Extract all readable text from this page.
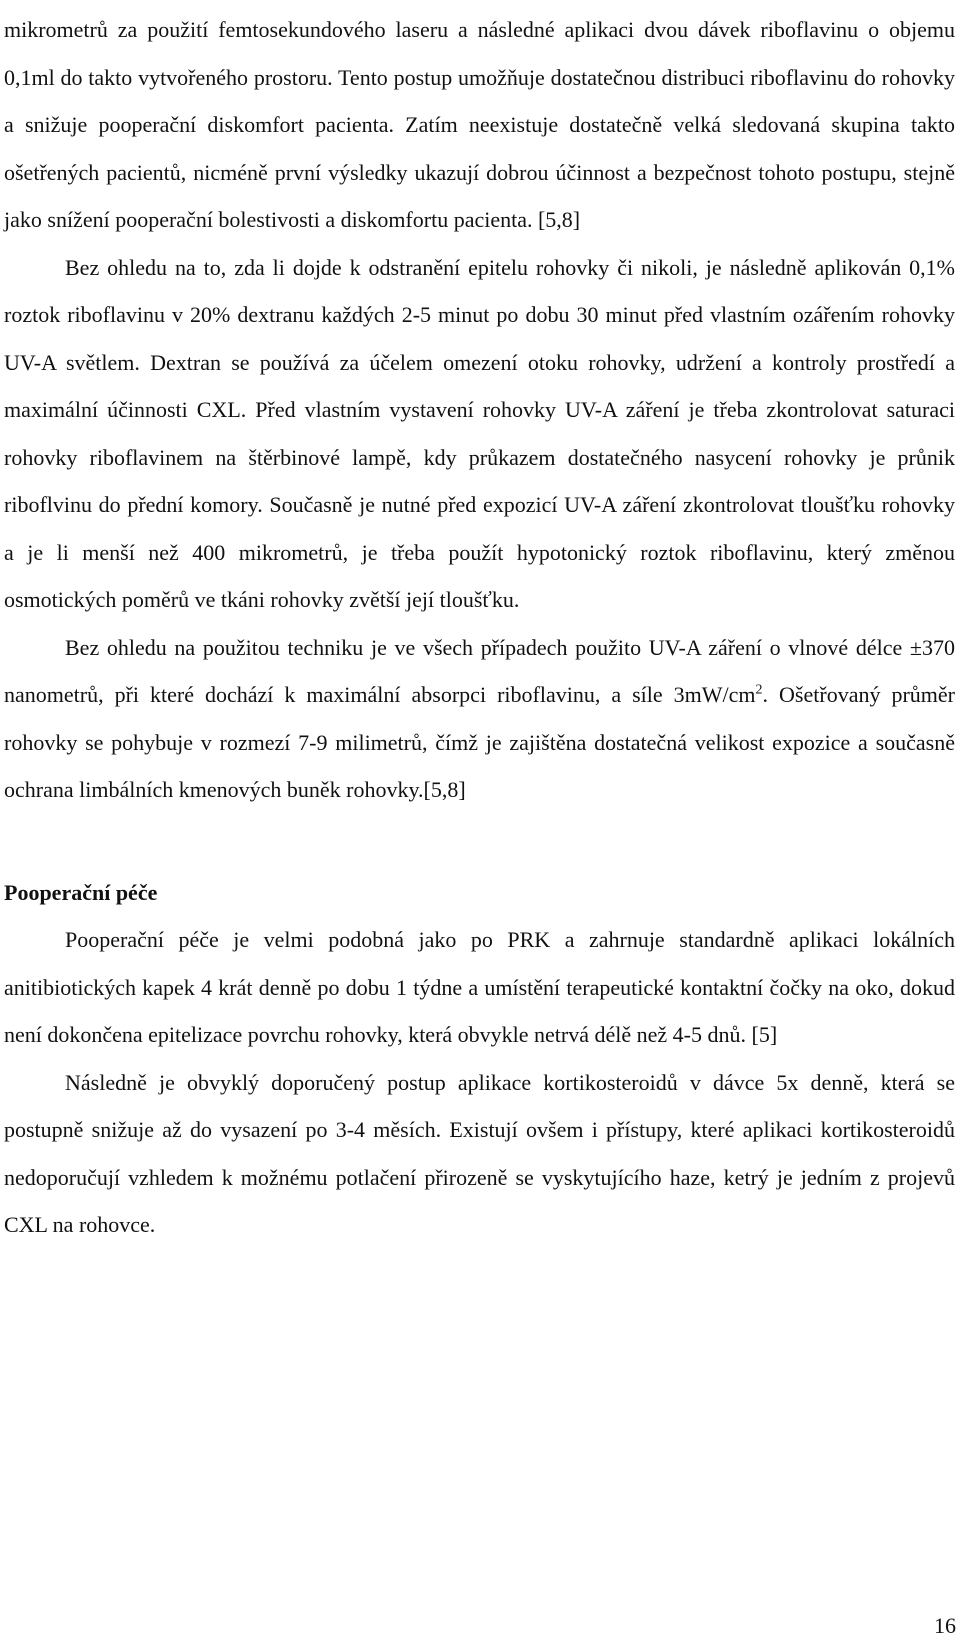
mikrometrů za použití femtosekundového laseru a následné aplikaci dvou dávek riboflavinu o objemu 0,1ml do takto vytvořeného prostoru. Tento postup umožňuje dostatečnou distribuci riboflavinu do rohovky a snižuje pooperační diskomfort pacienta. Zatím neexistuje dostatečně velká sledovaná skupina takto ošetřených pacientů, nicméně první výsledky ukazují dobrou účinnost a bezpečnost tohoto postupu, stejně jako snížení pooperační bolestivosti a diskomfortu pacienta. [5,8]

Bez ohledu na to, zda li dojde k odstranění epitelu rohovky či nikoli, je následně aplikován 0,1% roztok riboflavinu v 20% dextranu každých 2-5 minut po dobu 30 minut před vlastním ozářením rohovky UV-A světlem. Dextran se používá za účelem omezení otoku rohovky, udržení a kontroly prostředí a maximální účinnosti CXL. Před vlastním vystavení rohovky UV-A záření je třeba zkontrolovat saturaci rohovky riboflavinem na štěrbinové lampě, kdy průkazem dostatečného nasycení rohovky je průnik riboflvinu do přední komory. Současně je nutné před expozicí UV-A záření zkontrolovat tloušťku rohovky a je li menší než 400 mikrometrů, je třeba použít hypotonický roztok riboflavinu, který změnou osmotických poměrů ve tkáni rohovky zvětší její tloušťku.

Bez ohledu na použitou techniku je ve všech případech použito UV-A záření o vlnové délce ±370 nanometrů, při které dochází k maximální absorpci riboflavinu, a síle $3mW/cm^2$. Ošetřovaný průměr rohovky se pohybuje v rozmezí 7-9 milimetrů, čímž je zajištěna dostatečná velikost expozice a současně ochrana limbálních kmenových buněk rohovky.[5,8]

Pooperační péče

Pooperační péče je velmi podobná jako po PRK a zahrnuje standardně aplikaci lokálních anitibiotických kapek 4 krát denně po dobu 1 týdne a umístění terapeutické kontaktní čočky na oko, dokud není dokončena epitelizace povrchu rohovky, která obvykle netrvá délě než 4-5 dnů. [5]

Následně je obvyklý doporučený postup aplikace kortikosteroidů v dávce 5x denně, která se postupně snižuje až do vysazení po 3-4 měsích. Existují ovšem i přístupy, které aplikaci kortikosteroidů nedoporučují vzhledem k možnému potlačení přirozeně se vyskytujícího haze, ketrý je jedním z projevů CXL na rohovce.

16
